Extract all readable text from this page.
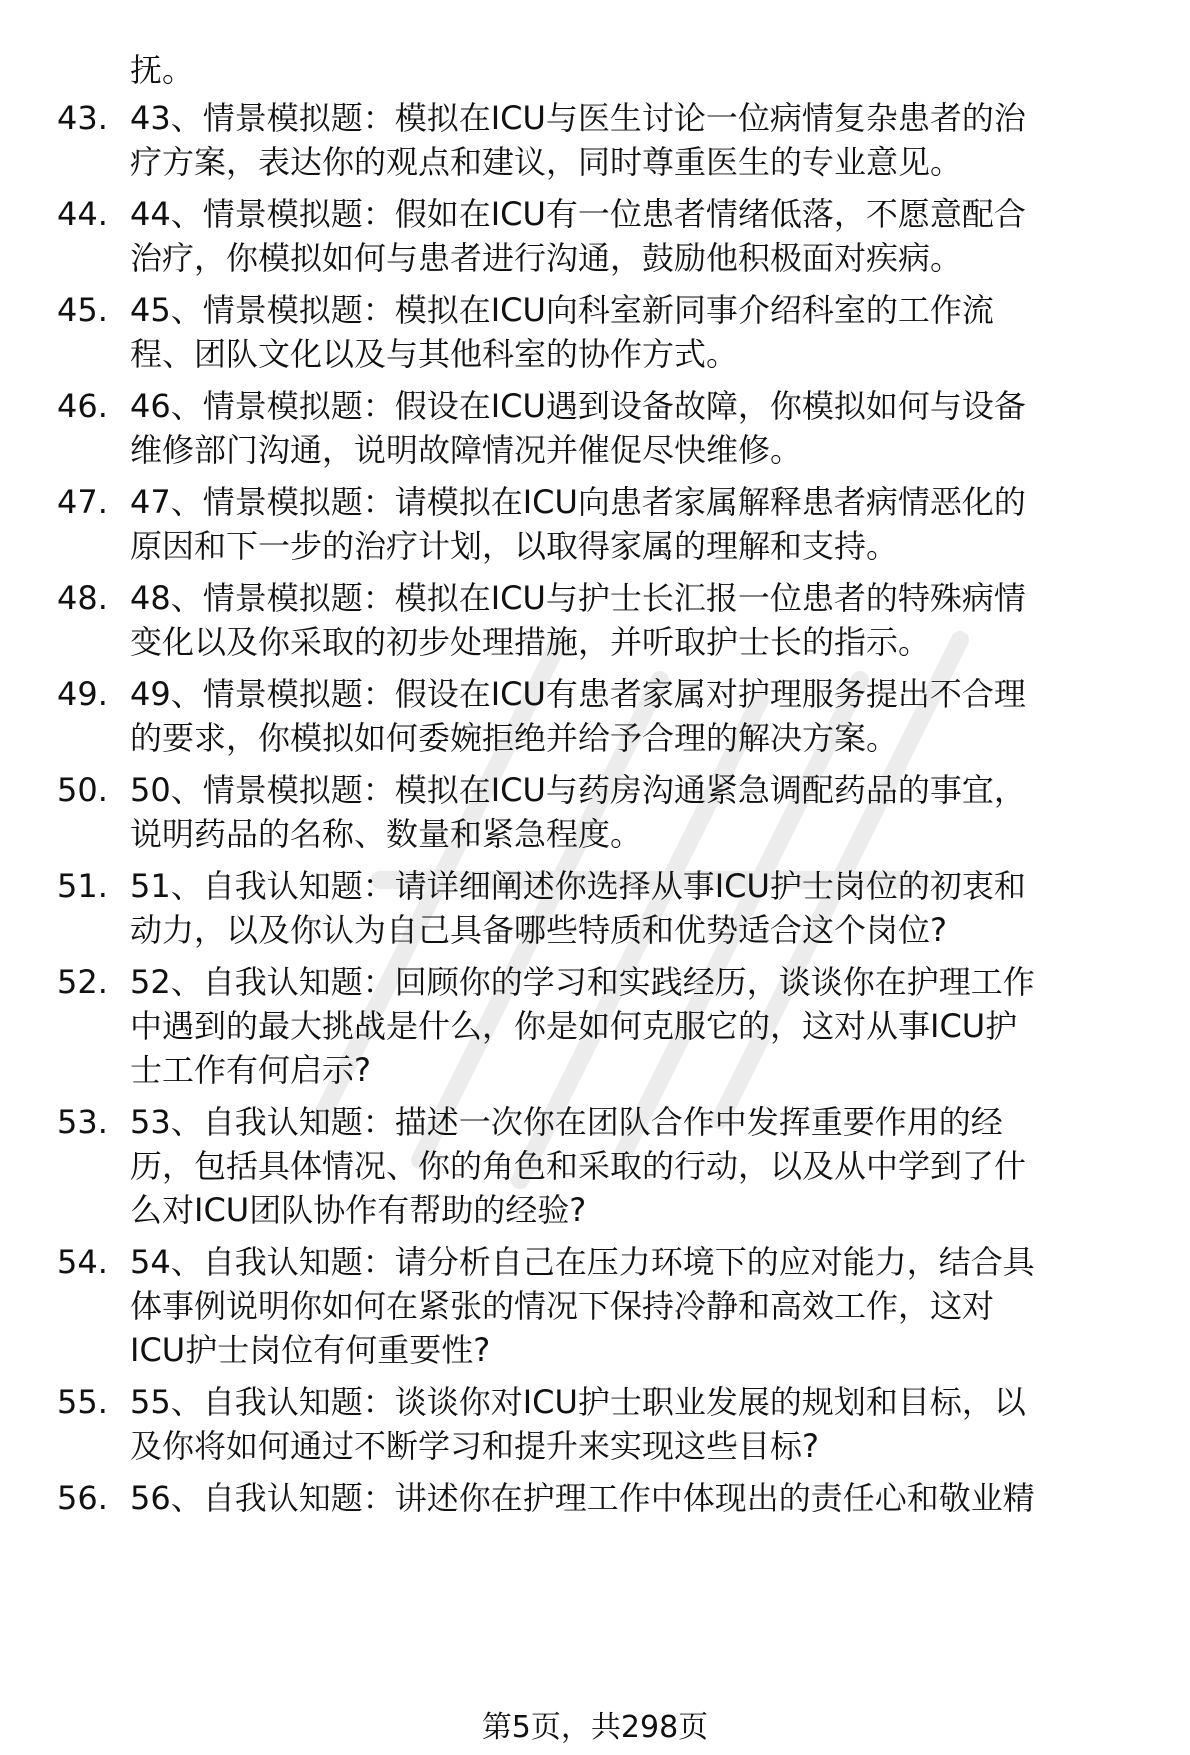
抚。
43. 43、情景模拟题：模拟在ICU与医生讨论一位病情复杂患者的治
疗方案，表达你的观点和建议，同时尊重医生的专业意见。
44. 44、情景模拟题：假如在ICU有一位患者情绪低落，不愿意配合
治疗，你模拟如何与患者进行沟通，鼓励他积极面对疾病。
45. 45、情景模拟题：模拟在ICU向科室新同事介绍科室的工作流
程、团队文化以及与其他科室的协作方式。
46. 46、情景模拟题：假设在ICU遇到设备故障，你模拟如何与设备
维修部门沟通，说明故障情况并催促尽快维修。
47. 47、情景模拟题：请模拟在ICU向患者家属解释患者病情恶化的
原因和下一步的治疗计划，以取得家属的理解和支持。
48. 48、情景模拟题：模拟在ICU与护士长汇报一位患者的特殊病情
变化以及你采取的初步处理措施，并听取护士长的指示。
49. 49、情景模拟题：假设在ICU有患者家属对护理服务提出不合理
的要求，你模拟如何委婉拒绝并给予合理的解决方案。
50. 50、情景模拟题：模拟在ICU与药房沟通紧急调配药品的事宜，
说明药品的名称、数量和紧急程度。
51. 51、自我认知题：请详细阐述你选择从事ICU护士岗位的初衷和
动力，以及你认为自己具备哪些特质和优势适合这个岗位?
52. 52、自我认知题：回顾你的学习和实践经历，谈谈你在护理工作
中遇到的最大挑战是什么，你是如何克服它的，这对从事ICU护
士工作有何启示?
53. 53、自我认知题：描述一次你在团队合作中发挥重要作用的经
历，包括具体情况、你的角色和采取的行动，以及从中学到了什
么对ICU团队协作有帮助的经验?
54. 54、自我认知题：请分析自己在压力环境下的应对能力，结合具
体事例说明你如何在紧张的情况下保持冷静和高效工作，这对
ICU护士岗位有何重要性?
55. 55、自我认知题：谈谈你对ICU护士职业发展的规划和目标，以
及你将如何通过不断学习和提升来实现这些目标?
56. 56、自我认知题：讲述你在护理工作中体现出的责任心和敬业精
第5页，共298页
